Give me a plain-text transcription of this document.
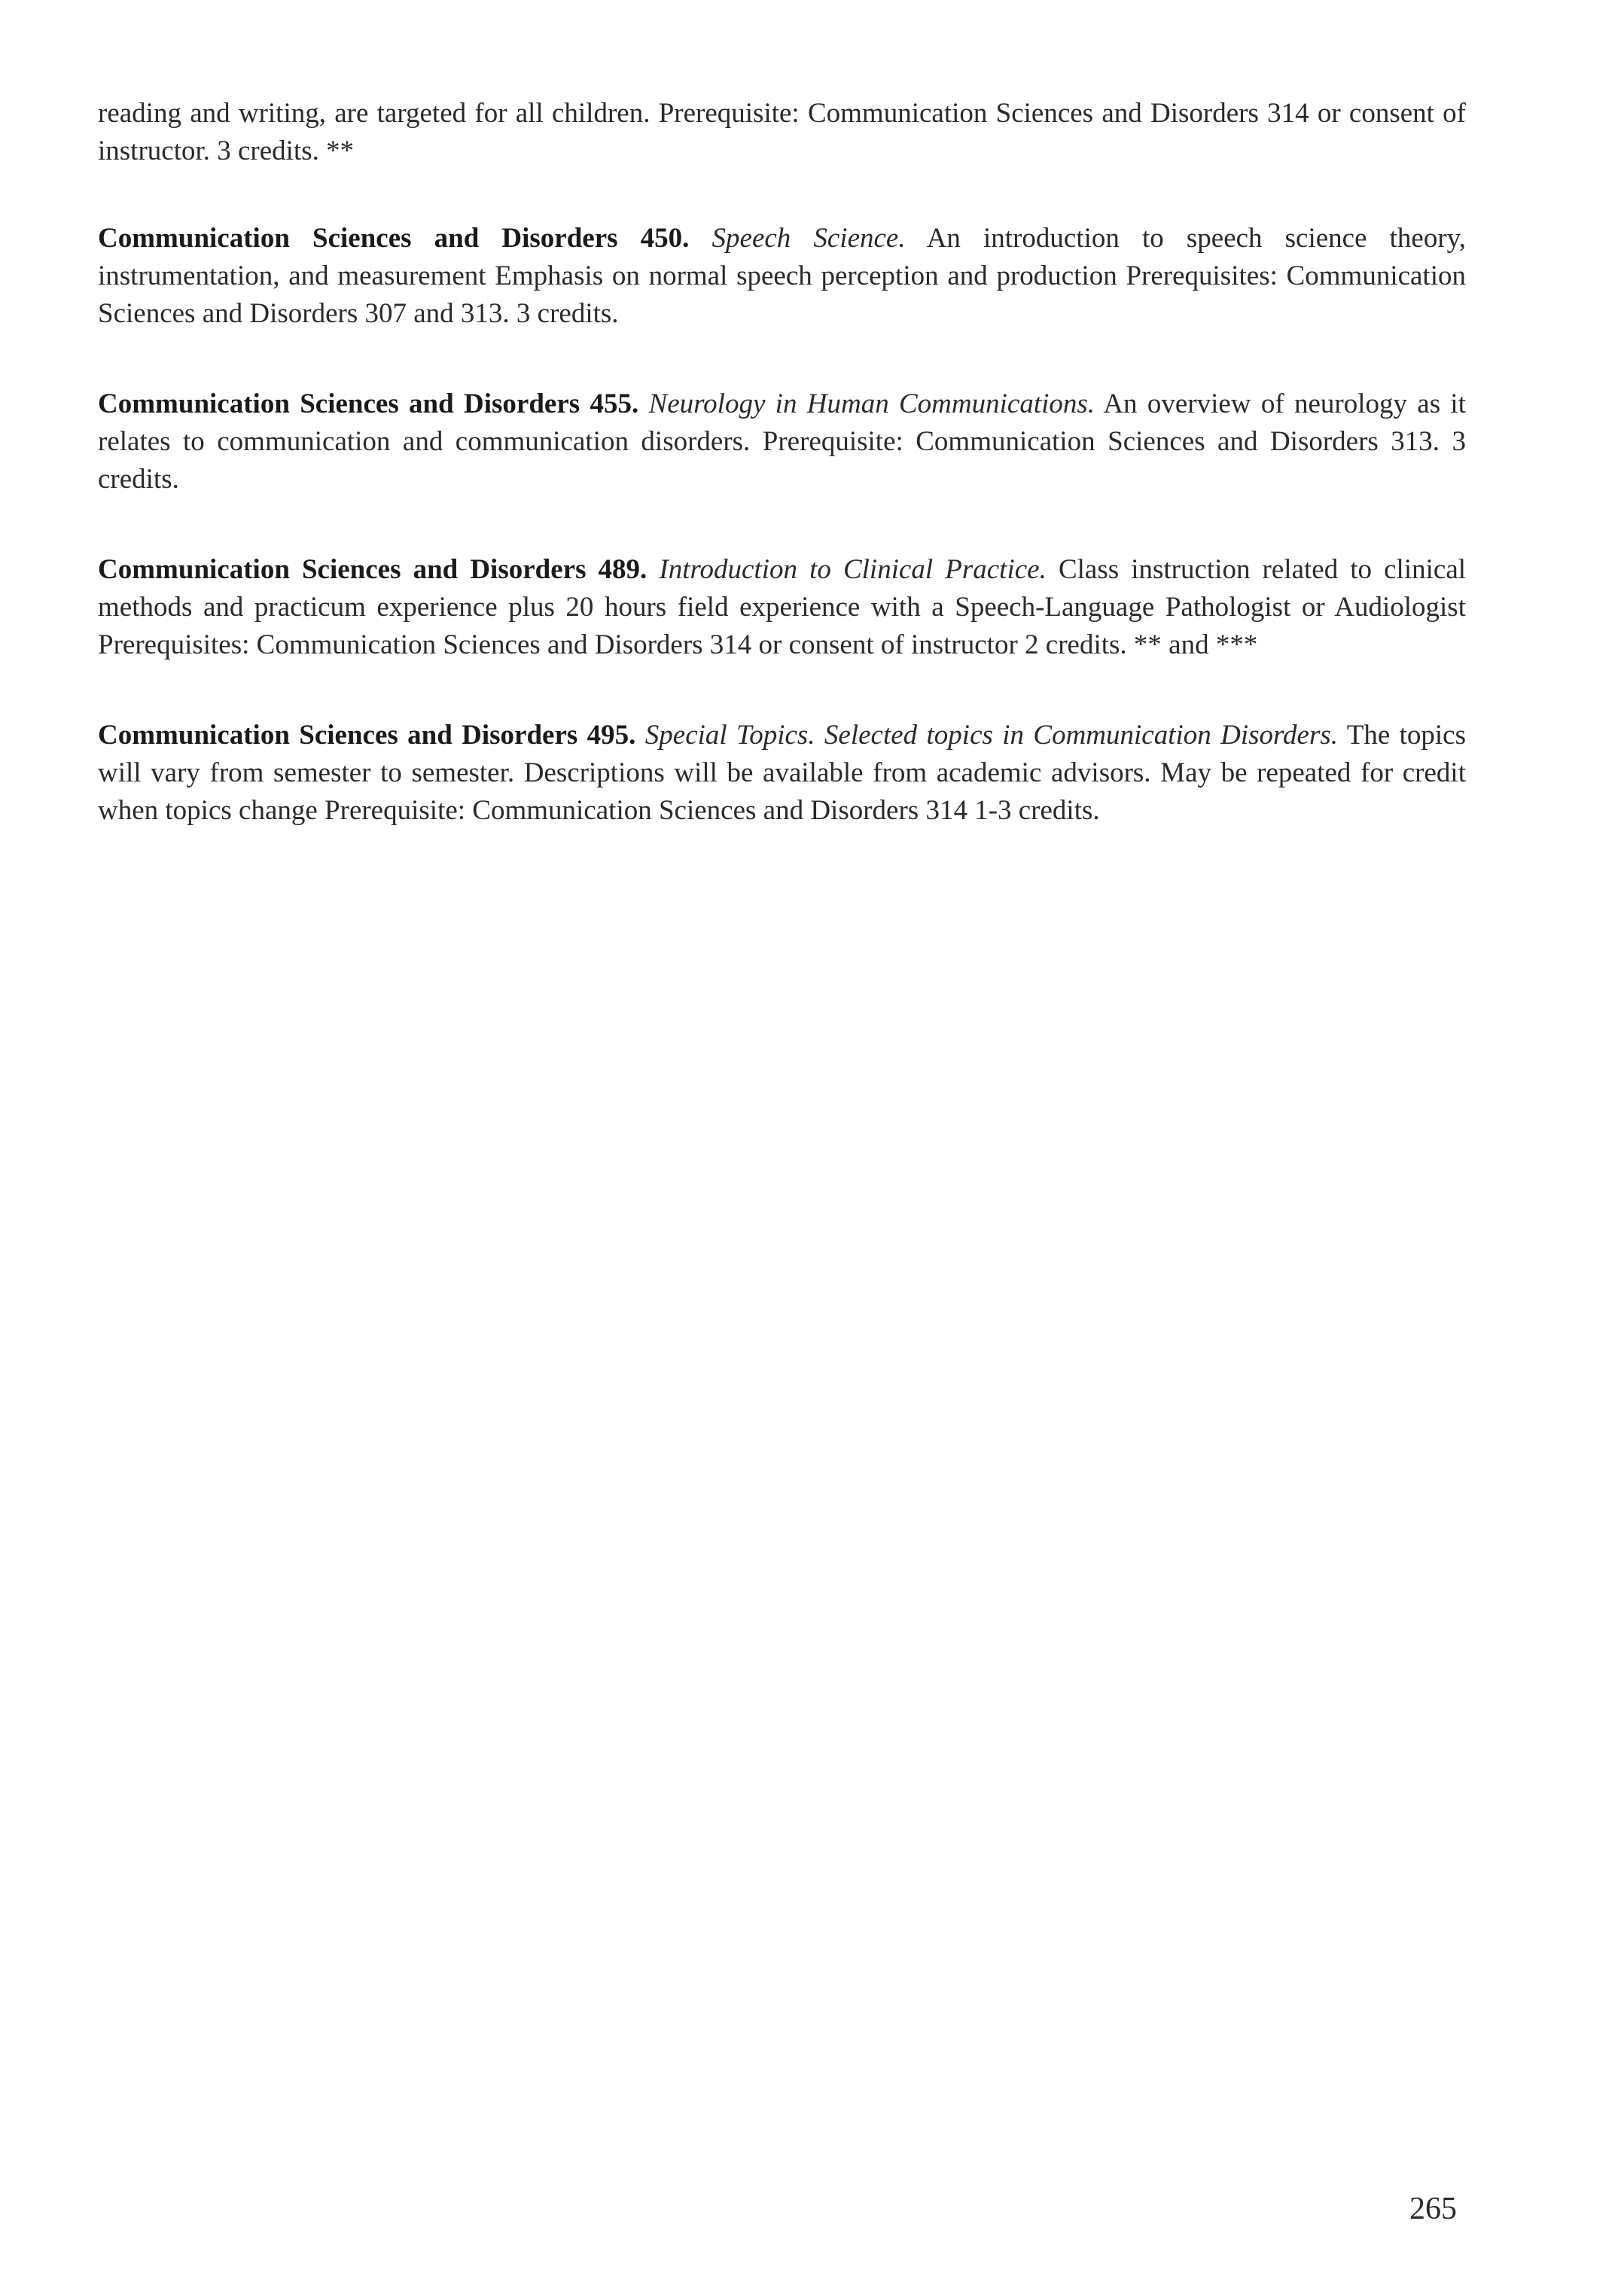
reading and writing, are targeted for all children. Prerequisite: Communication Sciences and Disorders 314 or consent of instructor. 3 credits. **

Communication Sciences and Disorders 450. Speech Science. An introduction to speech science theory, instrumentation, and measurement Emphasis on normal speech perception and production Prerequisites: Communication Sciences and Disorders 307 and 313. 3 credits.

Communication Sciences and Disorders 455. Neurology in Human Communications. An overview of neurology as it relates to communication and communication disorders. Prerequisite: Communication Sciences and Disorders 313. 3 credits.

Communication Sciences and Disorders 489. Introduction to Clinical Practice. Class instruction related to clinical methods and practicum experience plus 20 hours field experience with a Speech-Language Pathologist or Audiologist Prerequisites: Communication Sciences and Disorders 314 or consent of instructor 2 credits. ** and ***

Communication Sciences and Disorders 495. Special Topics. Selected topics in Communication Disorders. The topics will vary from semester to semester. Descriptions will be available from academic advisors. May be repeated for credit when topics change Prerequisite: Communication Sciences and Disorders 314 1-3 credits.

265
